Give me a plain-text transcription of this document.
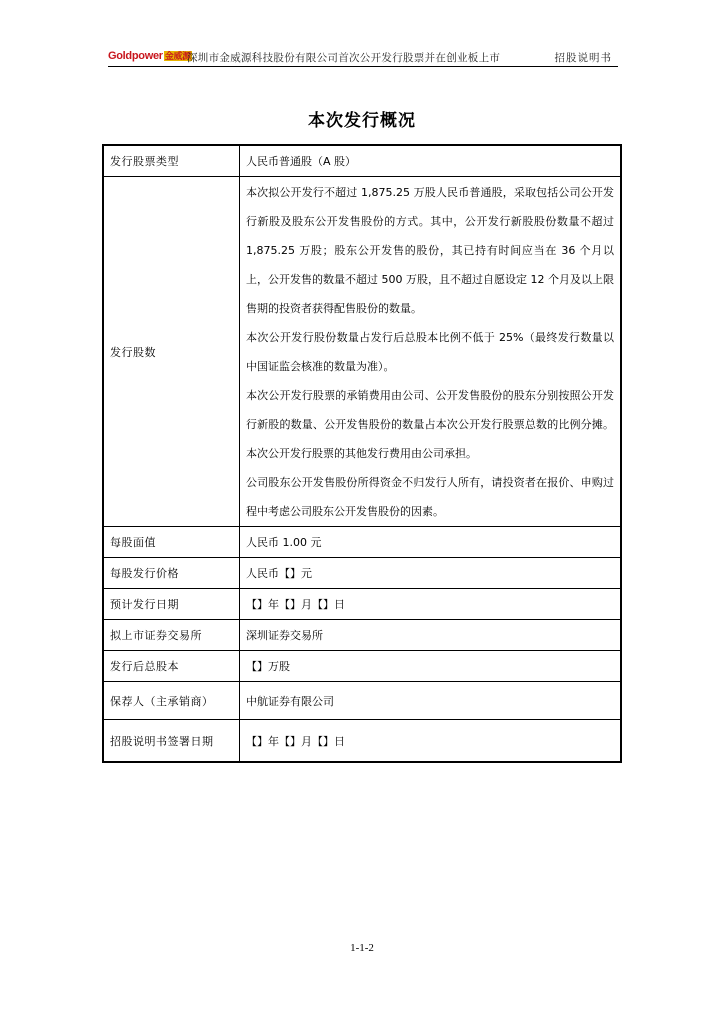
Goldpower 金威源
深圳市金威源科技股份有限公司首次公开发行股票并在创业板上市	招股说明书
本次发行概况
发行股票类型	人民币普通股（A 股）
发行股数	本次拟公开发行不超过 1,875.25 万股人民币普通股，采取包括公司公开发行新股及股东公开发售股份的方式。其中，公开发行新股股份数量不超过 1,875.25 万股；股东公开发售的股份，其已持有时间应当在 36 个月以上，公开发售的数量不超过 500 万股，且不超过自愿设定 12 个月及以上限售期的投资者获得配售股份的数量。

本次公开发行股份数量占发行后总股本比例不低于 25%（最终发行数量以中国证监会核准的数量为准）。

本次公开发行股票的承销费用由公司、公开发售股份的股东分别按照公开发行新股的数量、公开发售股份的数量占本次公开发行股票总数的比例分摊。本次公开发行股票的其他发行费用由公司承担。

公司股东公开发售股份所得资金不归发行人所有，请投资者在报价、申购过程中考虑公司股东公开发售股份的因素。

每股面值	人民币 1.00 元
每股发行价格	人民币【】元
预计发行日期	【】年【】月【】日
拟上市证券交易所	深圳证券交易所
发行后总股本	【】万股
保荐人（主承销商）	中航证券有限公司
招股说明书签署日期	【】年【】月【】日
1-1-2
